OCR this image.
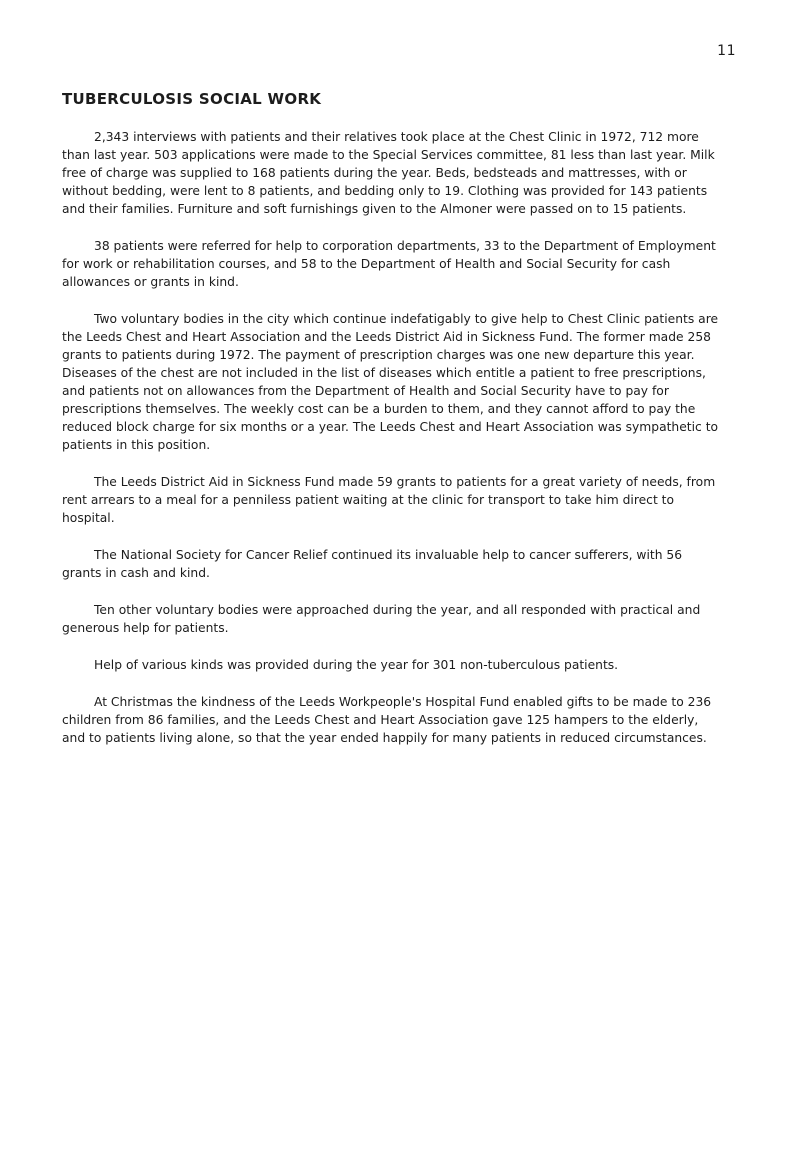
11
TUBERCULOSIS SOCIAL WORK

2,343 interviews with patients and their relatives took place at the Chest Clinic in 1972, 712 more than last year. 503 applications were made to the Special Services committee, 81 less than last year. Milk free of charge was supplied to 168 patients during the year. Beds, bedsteads and mattresses, with or without bedding, were lent to 8 patients, and bedding only to 19. Clothing was provided for 143 patients and their families. Furniture and soft furnishings given to the Almoner were passed on to 15 patients.

38 patients were referred for help to corporation departments, 33 to the Department of Employment for work or rehabilitation courses, and 58 to the Department of Health and Social Security for cash allowances or grants in kind.

Two voluntary bodies in the city which continue indefatigably to give help to Chest Clinic patients are the Leeds Chest and Heart Association and the Leeds District Aid in Sickness Fund. The former made 258 grants to patients during 1972. The payment of prescription charges was one new departure this year. Diseases of the chest are not included in the list of diseases which entitle a patient to free prescriptions, and patients not on allowances from the Department of Health and Social Security have to pay for prescriptions themselves. The weekly cost can be a burden to them, and they cannot afford to pay the reduced block charge for six months or a year. The Leeds Chest and Heart Association was sympathetic to patients in this position.

The Leeds District Aid in Sickness Fund made 59 grants to patients for a great variety of needs, from rent arrears to a meal for a penniless patient waiting at the clinic for transport to take him direct to hospital.

The National Society for Cancer Relief continued its invaluable help to cancer sufferers, with 56 grants in cash and kind.

Ten other voluntary bodies were approached during the year, and all responded with practical and generous help for patients.

Help of various kinds was provided during the year for 301 non-tuberculous patients.

At Christmas the kindness of the Leeds Workpeople's Hospital Fund enabled gifts to be made to 236 children from 86 families, and the Leeds Chest and Heart Association gave 125 hampers to the elderly, and to patients living alone, so that the year ended happily for many patients in reduced circumstances.
